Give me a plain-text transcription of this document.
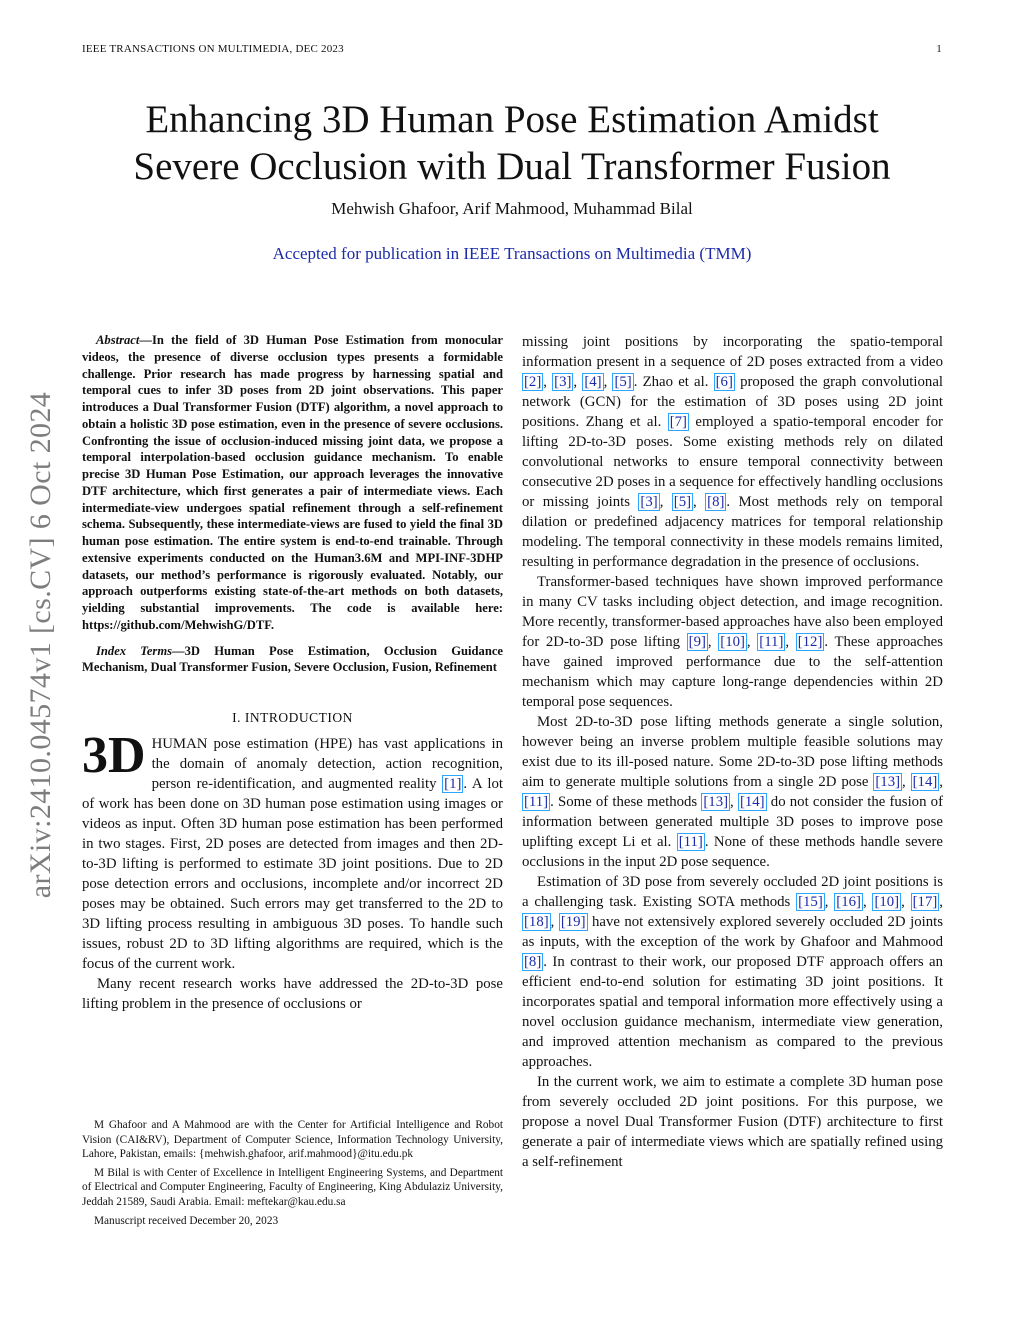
IEEE TRANSACTIONS ON MULTIMEDIA, DEC 2023	1
Enhancing 3D Human Pose Estimation Amidst
Severe Occlusion with Dual Transformer Fusion
Mehwish Ghafoor, Arif Mahmood, Muhammad Bilal
Accepted for publication in IEEE Transactions on Multimedia (TMM)
arXiv:2410.04574v1 [cs.CV] 6 Oct 2024

Abstract—In the field of 3D Human Pose Estimation from monocular videos, the presence of diverse occlusion types presents a formidable challenge. Prior research has made progress by harnessing spatial and temporal cues to infer 3D poses from 2D joint observations. This paper introduces a Dual Transformer Fusion (DTF) algorithm, a novel approach to obtain a holistic 3D pose estimation, even in the presence of severe occlusions. Confronting the issue of occlusion-induced missing joint data, we propose a temporal interpolation-based occlusion guidance mechanism. To enable precise 3D Human Pose Estimation, our approach leverages the innovative DTF architecture, which first generates a pair of intermediate views. Each intermediate-view undergoes spatial refinement through a self-refinement schema. Subsequently, these intermediate-views are fused to yield the final 3D human pose estimation. The entire system is end-to-end trainable. Through extensive experiments conducted on the Human3.6M and MPI-INF-3DHP datasets, our method’s performance is rigorously evaluated. Notably, our approach outperforms existing state-of-the-art methods on both datasets, yielding substantial improvements. The code is available here: https://github.com/MehwishG/DTF.

Index Terms—3D Human Pose Estimation, Occlusion Guidance Mechanism, Dual Transformer Fusion, Severe Occlusion, Fusion, Refinement

I. INTRODUCTION
3D HUMAN pose estimation (HPE) has vast applications in the domain of anomaly detection, action recognition, person re-identification, and augmented reality [1] . A lot of work has been done on 3D human pose estimation using images or videos as input. Often 3D human pose estimation has been performed in two stages. First, 2D poses are detected from images and then 2D-to-3D lifting is performed to estimate 3D joint positions. Due to 2D pose detection errors and occlusions, incomplete and/or incorrect 2D poses may be obtained. Such errors may get transferred to the 2D to 3D lifting process resulting in ambiguous 3D poses. To handle such issues, robust 2D to 3D lifting algorithms are required, which is the focus of the current work.

Many recent research works have addressed the 2D-to-3D pose lifting problem in the presence of occlusions or

M Ghafoor and A Mahmood are with the Center for Artificial Intelligence and Robot Vision (CAI&RV), Department of Computer Science, Information Technology University, Lahore, Pakistan, emails: {mehwish.ghafoor, arif.mahmood}@itu.edu.pk

M Bilal is with Center of Excellence in Intelligent Engineering Systems, and Department of Electrical and Computer Engineering, Faculty of Engineering, King Abdulaziz University, Jeddah 21589, Saudi Arabia. Email: meftekar@kau.edu.sa

Manuscript received December 20, 2023

missing joint positions by incorporating the spatio-temporal information present in a sequence of 2D poses extracted from a video [2] , [3] , [4] , [5] . Zhao et al. [6] proposed the graph convolutional network (GCN) for the estimation of 3D poses using 2D joint positions. Zhang et al. [7] employed a spatio-temporal encoder for lifting 2D-to-3D poses. Some existing methods rely on dilated convolutional networks to ensure temporal connectivity between consecutive 2D poses in a sequence for effectively handling occlusions or missing joints [3] , [5] , [8] . Most methods rely on temporal dilation or predefined adjacency matrices for temporal relationship modeling. The temporal connectivity in these models remains limited, resulting in performance degradation in the presence of occlusions.

Transformer-based techniques have shown improved performance in many CV tasks including object detection, and image recognition. More recently, transformer-based approaches have also been employed for 2D-to-3D pose lifting [9] , [10] , [11] , [12] . These approaches have gained improved performance due to the self-attention mechanism which may capture long-range dependencies within 2D temporal pose sequences.

Most 2D-to-3D pose lifting methods generate a single solution, however being an inverse problem multiple feasible solutions may exist due to its ill-posed nature. Some 2D-to-3D pose lifting methods aim to generate multiple solutions from a single 2D pose [13] , [14] , [11] . Some of these methods [13] , [14] do not consider the fusion of information between generated multiple 3D poses to improve pose uplifting except Li et al. [11] . None of these methods handle severe occlusions in the input 2D pose sequence.

Estimation of 3D pose from severely occluded 2D joint positions is a challenging task. Existing SOTA methods [15] , [16] , [10] , [17] , [18] , [19] have not extensively explored severely occluded 2D joints as inputs, with the exception of the work by Ghafoor and Mahmood [8] . In contrast to their work, our proposed DTF approach offers an efficient end-to-end solution for estimating 3D joint positions. It incorporates spatial and temporal information more effectively using a novel occlusion guidance mechanism, intermediate view generation, and improved attention mechanism as compared to the previous approaches.

In the current work, we aim to estimate a complete 3D human pose from severely occluded 2D joint positions. For this purpose, we propose a novel Dual Transformer Fusion (DTF) architecture to first generate a pair of intermediate views which are spatially refined using a self-refinement
